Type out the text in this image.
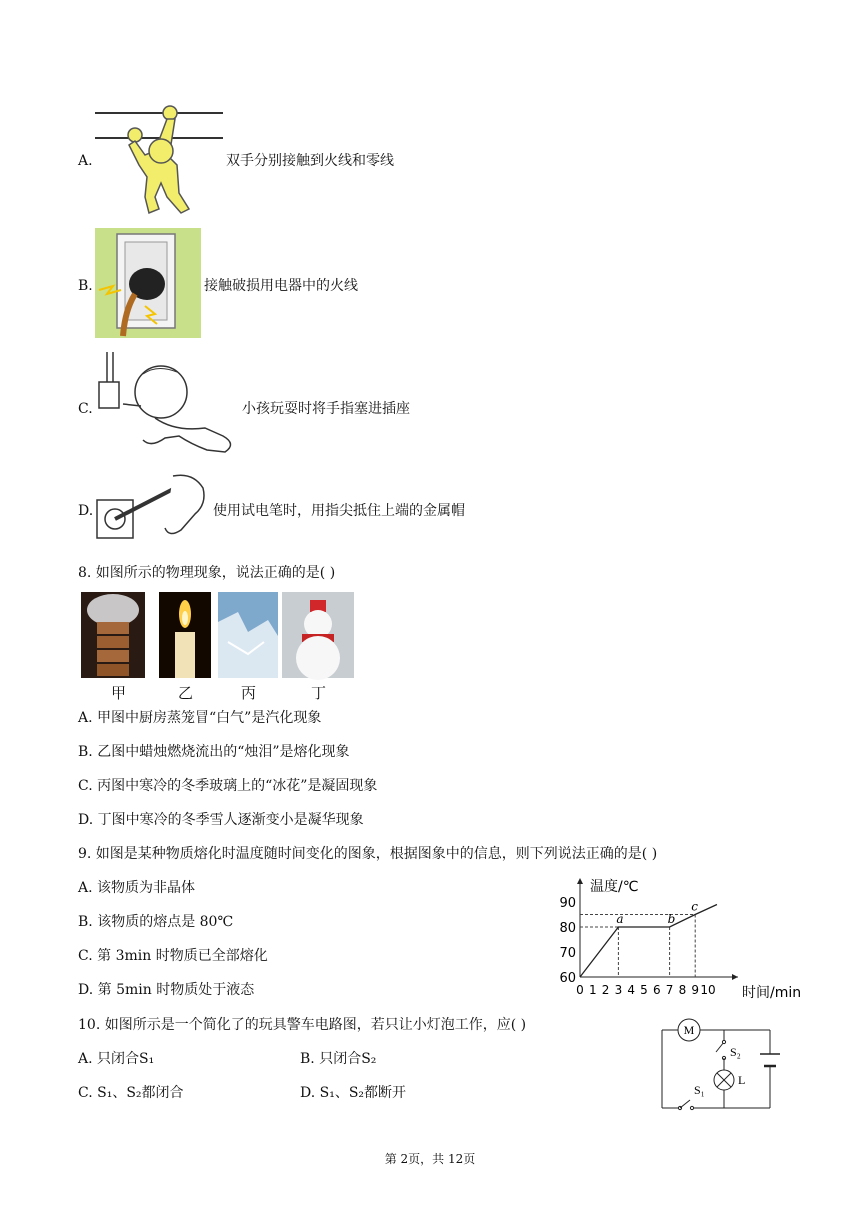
A.	双手分别接触到火线和零线
B.	接触破损用电器中的火线
C.	小孩玩耍时将手指塞进插座
D.	使用试电笔时，用指尖抵住上端的金属帽
8. 如图所示的物理现象，说法正确的是( )
甲	乙	丙	丁
A. 甲图中厨房蒸笼冒“白气”是汽化现象
B. 乙图中蜡烛燃烧流出的“烛泪”是熔化现象
C. 丙图中寒冷的冬季玻璃上的“冰花”是凝固现象
D. 丁图中寒冷的冬季雪人逐渐变小是凝华现象
9. 如图是某种物质熔化时温度随时间变化的图象，根据图象中的信息，则下列说法正确的是( )
A. 该物质为非晶体
B. 该物质的熔点是 80℃
C. 第 3min 时物质已全部熔化
D. 第 5min 时物质处于液态
温度/℃
时间/min
60
70
80
90
0 1 2 3 4 5 6 7 8 9 10
a	b
c
10. 如图所示是一个简化了的玩具警车电路图，若只让小灯泡工作，应( )
A. 只闭合S₁	B. 只闭合S₂
C. S₁、S₂都闭合	D. S₁、S₂都断开
M
S₂
L
S₁
第 2页，共 12页
